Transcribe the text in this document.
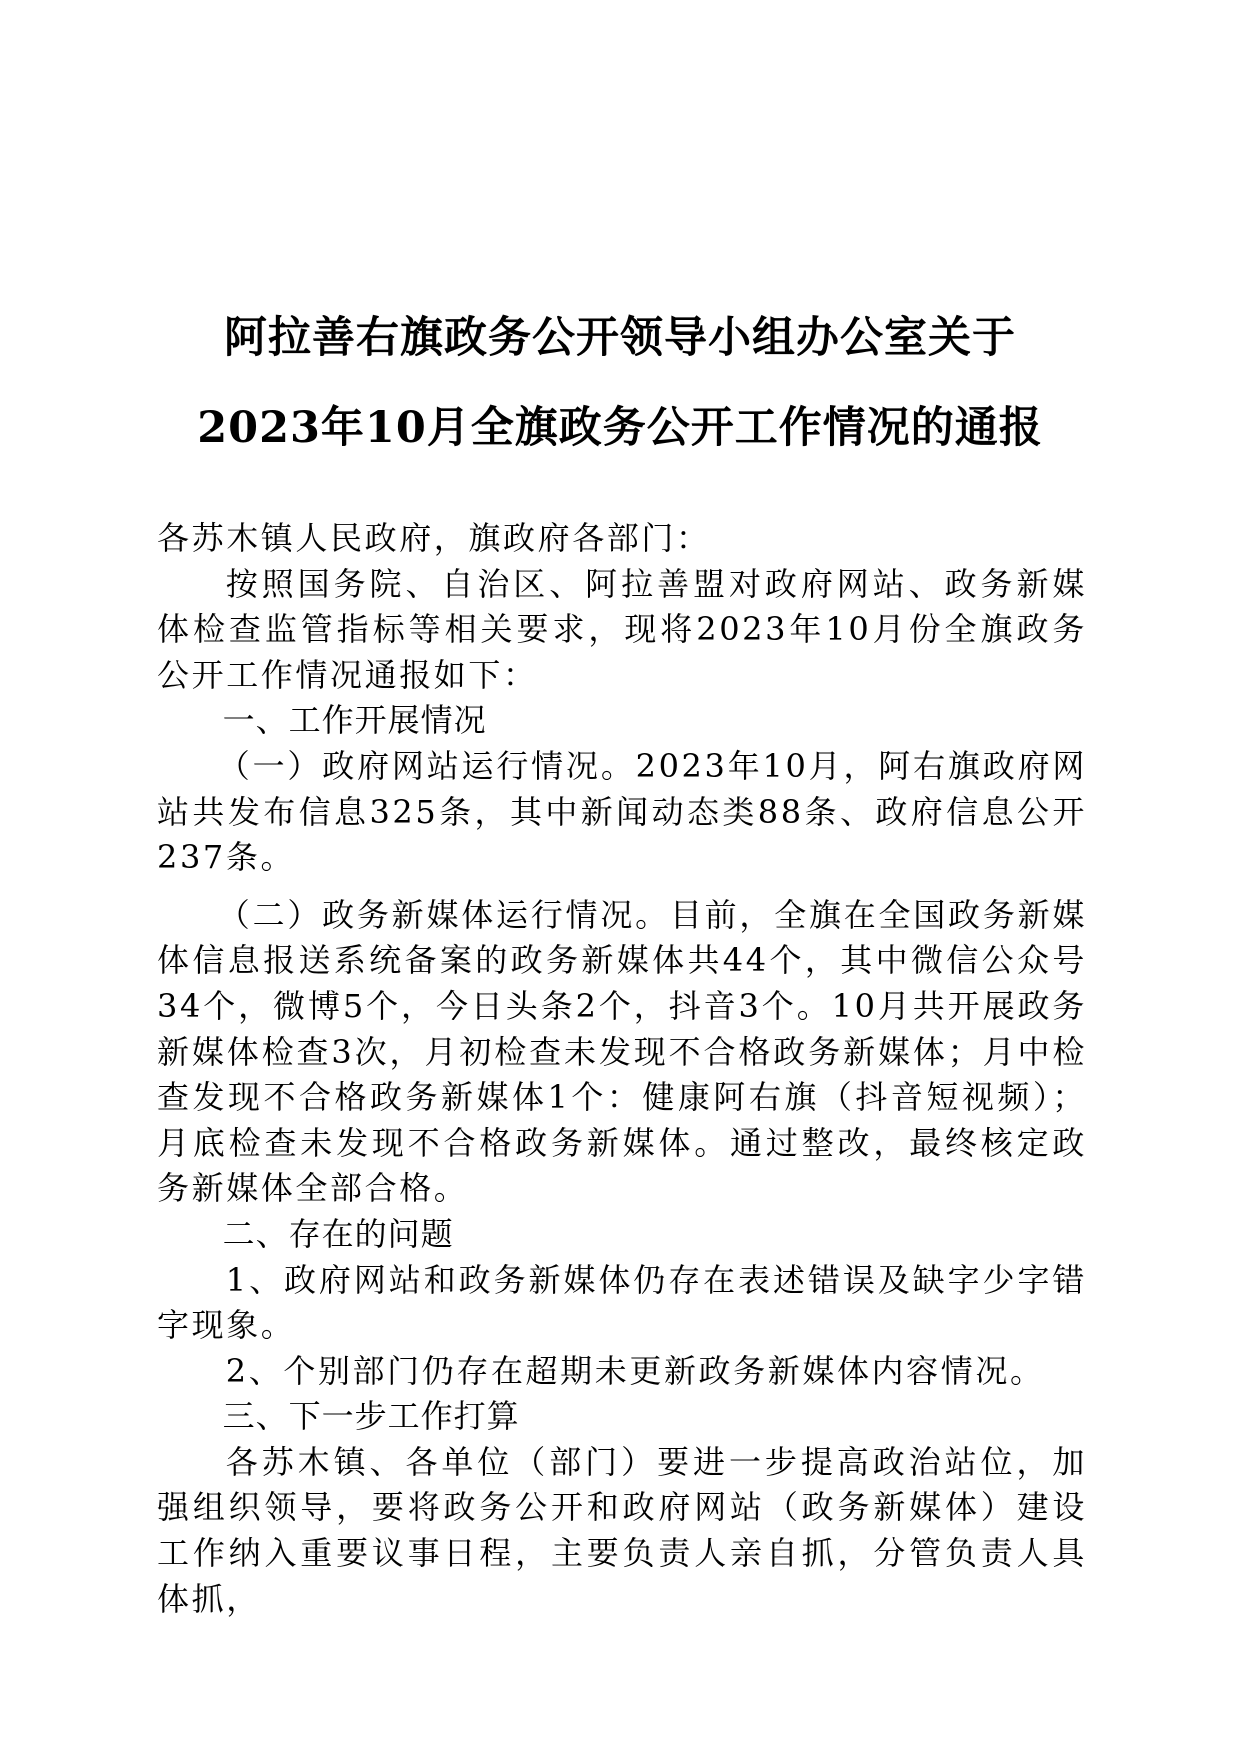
阿拉善右旗政务公开领导小组办公室关于
2023年10月全旗政务公开工作情况的通报

各苏木镇人民政府，旗政府各部门：

按照国务院、自治区、阿拉善盟对政府网站、政务新媒体检查监管指标等相关要求，现将2023年10月份全旗政务公开工作情况通报如下：

一、工作开展情况

（一）政府网站运行情况。2023年10月，阿右旗政府网站共发布信息325条，其中新闻动态类88条、政府信息公开237条。

（二）政务新媒体运行情况。目前，全旗在全国政务新媒体信息报送系统备案的政务新媒体共44个，其中微信公众号34个，微博5个，今日头条2个，抖音3个。10月共开展政务新媒体检查3次，月初检查未发现不合格政务新媒体；月中检查发现不合格政务新媒体1个：健康阿右旗（抖音短视频）；月底检查未发现不合格政务新媒体。通过整改，最终核定政务新媒体全部合格。

二、存在的问题

1、政府网站和政务新媒体仍存在表述错误及缺字少字错字现象。

2、个别部门仍存在超期未更新政务新媒体内容情况。

三、下一步工作打算

各苏木镇、各单位（部门）要进一步提高政治站位，加强组织领导，要将政务公开和政府网站（政务新媒体）建设工作纳入重要议事日程，主要负责人亲自抓，分管负责人具体抓，
